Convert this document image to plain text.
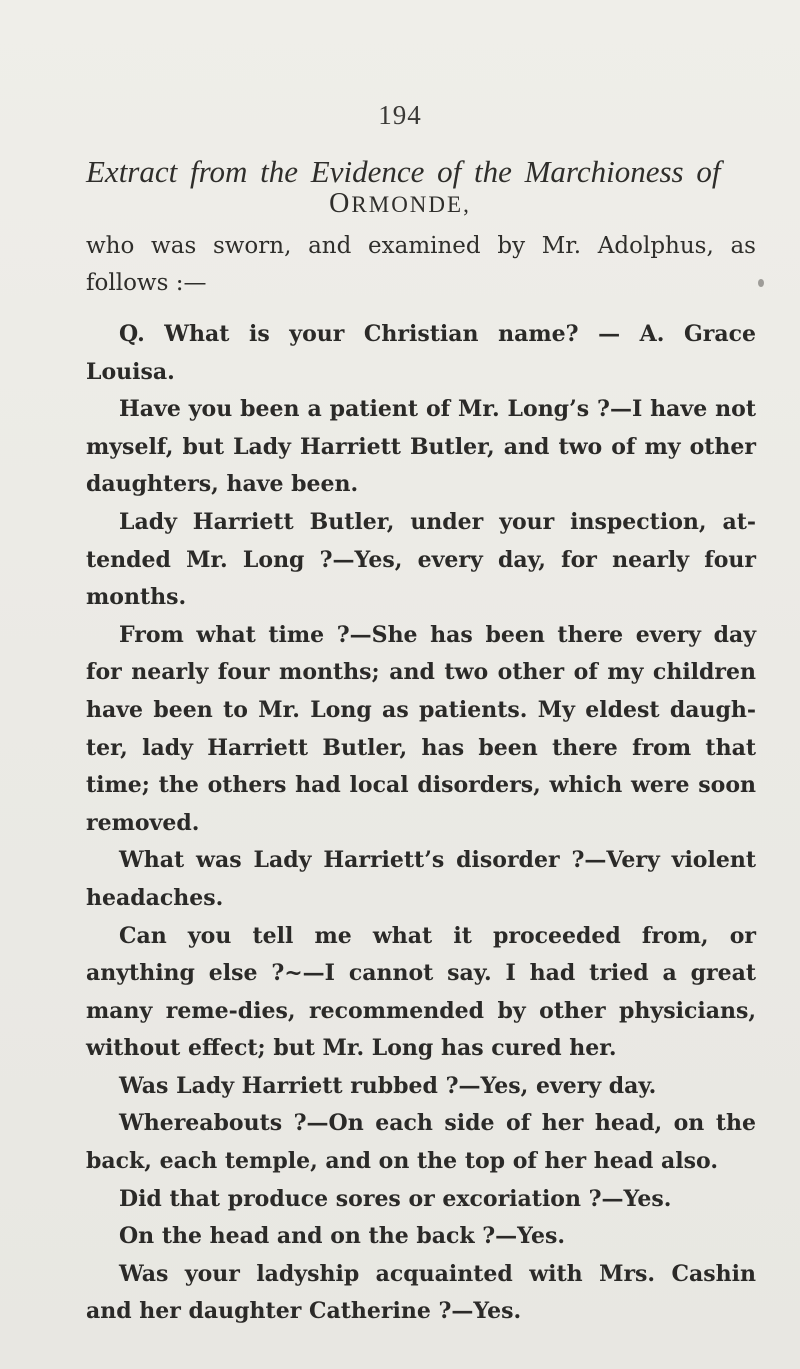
194
Extract from the Evidence of the Marchioness of
ORMONDE,
who was sworn, and examined by Mr. Adolphus, as follows :—

Q. What is your Christian name? — A. Grace Louisa.

Have you been a patient of Mr. Long’s ?—I have not myself, but Lady Harriett Butler, and two of my other daughters, have been.

Lady Harriett Butler, under your inspection, at-tended Mr. Long ?—Yes, every day, for nearly four months.

From what time ?—She has been there every day for nearly four months; and two other of my children have been to Mr. Long as patients. My eldest daugh-ter, lady Harriett Butler, has been there from that time; the others had local disorders, which were soon removed.

What was Lady Harriett’s disorder ?—Very violent headaches.

Can you tell me what it proceeded from, or anything else ?~—I cannot say. I had tried a great many reme-dies, recommended by other physicians, without effect; but Mr. Long has cured her.

Was Lady Harriett rubbed ?—Yes, every day.

Whereabouts ?—On each side of her head, on the back, each temple, and on the top of her head also.

Did that produce sores or excoriation ?—Yes.

On the head and on the back ?—Yes.

Was your ladyship acquainted with Mrs. Cashin and her daughter Catherine ?—Yes.
